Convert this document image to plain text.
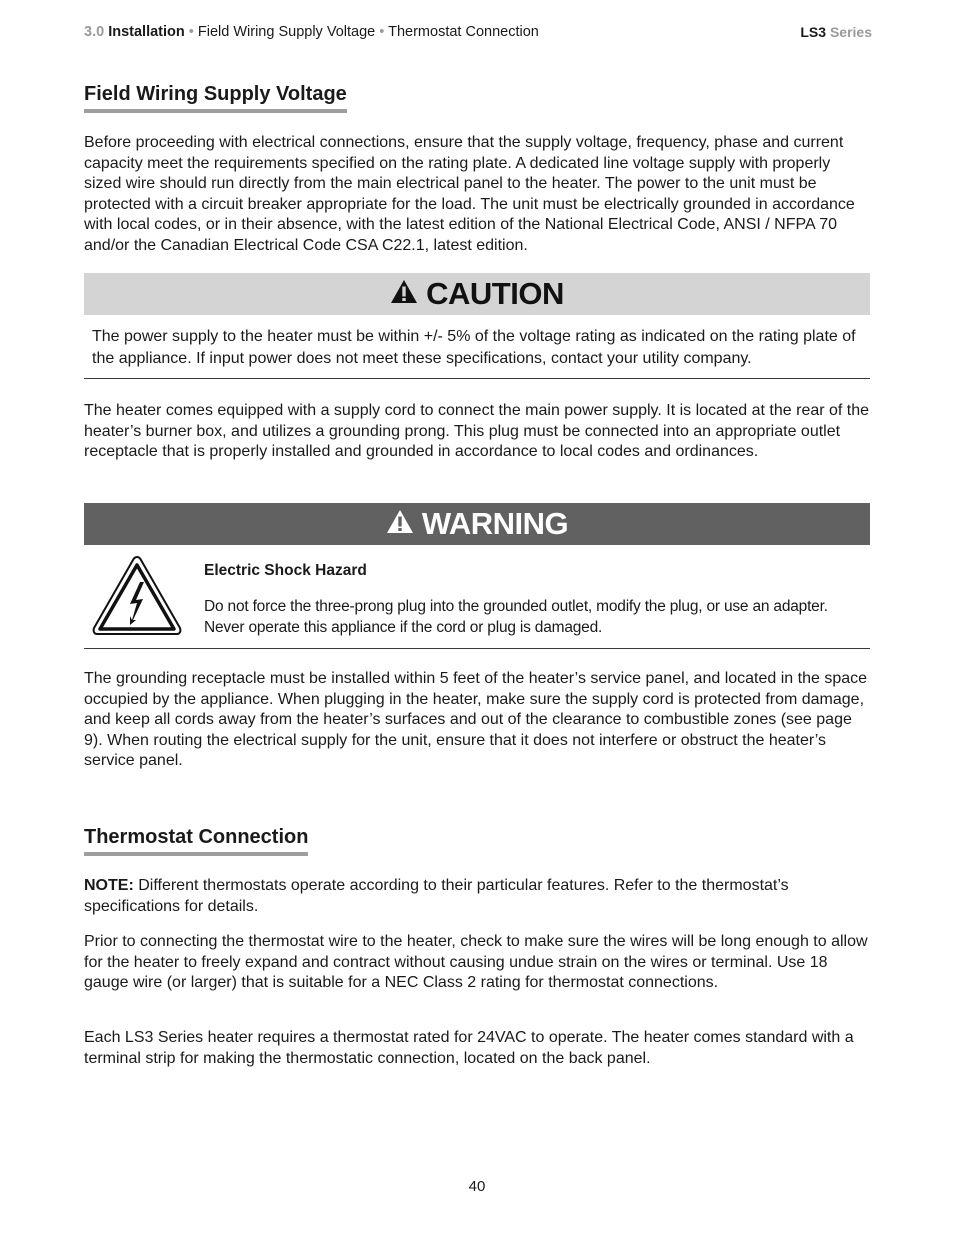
3.0 Installation • Field Wiring Supply Voltage • Thermostat Connection	LS3 Series
Field Wiring Supply Voltage

Before proceeding with electrical connections, ensure that the supply voltage, frequency, phase and current capacity meet the requirements specified on the rating plate. A dedicated line voltage supply with properly sized wire should run directly from the main electrical panel to the heater. The power to the unit must be protected with a circuit breaker appropriate for the load. The unit must be electrically grounded in accordance with local codes, or in their absence, with the latest edition of the National Electrical Code, ANSI / NFPA 70 and/or the Canadian Electrical Code CSA C22.1, latest edition.

CAUTION

The power supply to the heater must be within +/- 5% of the voltage rating as indicated on the rating plate of the appliance. If input power does not meet these specifications, contact your utility company.

The heater comes equipped with a supply cord to connect the main power supply. It is located at the rear of the heater’s burner box, and utilizes a grounding prong. This plug must be connected into an appropriate outlet receptacle that is properly installed and grounded in accordance to local codes and ordinances.

WARNING
Electric Shock Hazard

Do not force the three-prong plug into the grounded outlet, modify the plug, or use an adapter. Never operate this appliance if the cord or plug is damaged.

The grounding receptacle must be installed within 5 feet of the heater’s service panel, and located in the space occupied by the appliance. When plugging in the heater, make sure the supply cord is protected from damage, and keep all cords away from the heater’s surfaces and out of the clearance to combustible zones (see page 9). When routing the electrical supply for the unit, ensure that it does not interfere or obstruct the heater’s service panel.

Thermostat Connection

NOTE: Different thermostats operate according to their particular features. Refer to the thermostat’s specifications for details.

Prior to connecting the thermostat wire to the heater, check to make sure the wires will be long enough to allow for the heater to freely expand and contract without causing undue strain on the wires or terminal. Use 18 gauge wire (or larger) that is suitable for a NEC Class 2 rating for thermostat connections.

Each LS3 Series heater requires a thermostat rated for 24VAC to operate. The heater comes standard with a terminal strip for making the thermostatic connection, located on the back panel.

40
